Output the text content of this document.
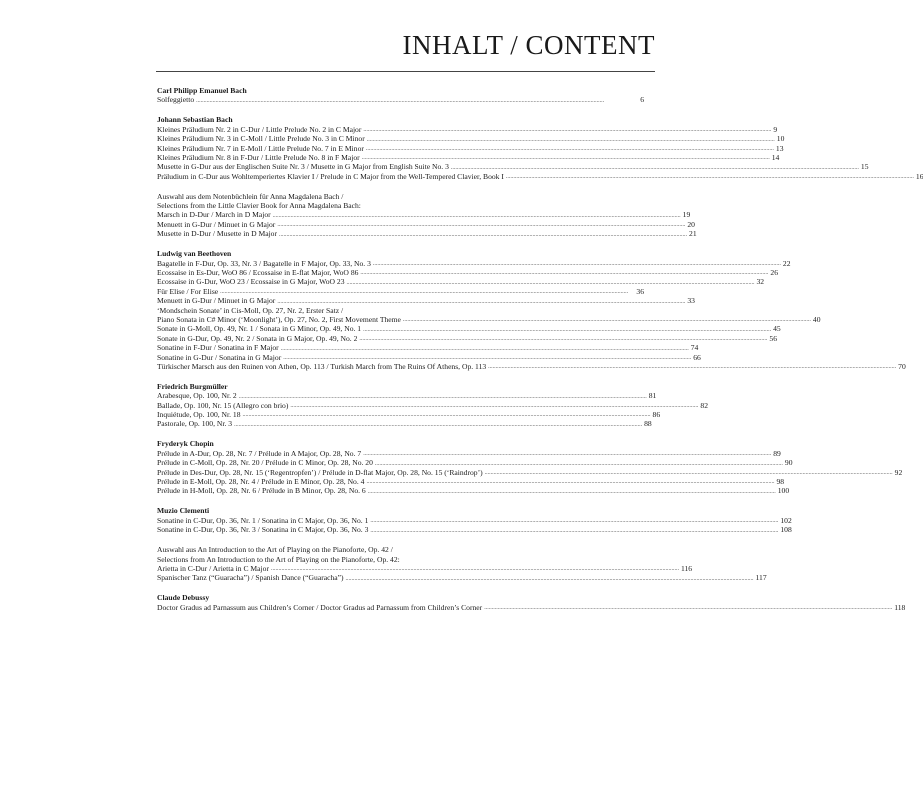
INHALT / CONTENT
Carl Philipp Emanuel Bach
Solfeggietto .....	6
Johann Sebastian Bach
Kleines Präludium Nr. 2 in C-Dur / Little Prelude No. 2 in C Major .....	9
Kleines Präludium Nr. 3 in C-Moll / Little Prelude No. 3 in C Minor .....	10
Kleines Präludium Nr. 7 in E-Moll / Little Prelude No. 7 in E Minor .....	13
Kleines Präludium Nr. 8 in F-Dur / Little Prelude No. 8 in F Major .....	14
Musette in G-Dur aus der Englischen Suite Nr. 3 / Musette in G Major from English Suite No. 3 .....	15
Präludium in C-Dur aus Wohltemperiertes Klavier I / Prelude in C Major from the Well-Tempered Clavier, Book I .....	16
Auswahl aus dem Notenbüchlein für Anna Magdalena Bach /
Selections from the Little Clavier Book for Anna Magdalena Bach:
Marsch in D-Dur / March in D Major .....	19
Menuett in G-Dur / Minuet in G Major .....	20
Musette in D-Dur / Musette in D Major .....	21
Ludwig van Beethoven
Bagatelle in F-Dur, Op. 33, Nr. 3 / Bagatelle in F Major, Op. 33, No. 3 .....	22
Ecossaise in Es-Dur, WoO 86 / Ecossaise in E-flat Major, WoO 86 .....	26
Ecossaise in G-Dur, WoO 23 / Ecossaise in G Major, WoO 23 .....	32
Für Elise / For Elise .....	36
Menuett in G-Dur / Minuet in G Major .....	33
‘Mondschein Sonate’ in Cis-Moll, Op. 27, Nr. 2, Erster Satz /
Piano Sonata in C# Minor (‘Moonlight’), Op. 27, No. 2, First Movement Theme .....	40
Sonate in G-Moll, Op. 49, Nr. 1 / Sonata in G Minor, Op. 49, No. 1 .....	45
Sonate in G-Dur, Op. 49, Nr. 2 / Sonata in G Major, Op. 49, No. 2 .....	56
Sonatine in F-Dur / Sonatina in F Major .....	74
Sonatine in G-Dur / Sonatina in G Major .....	66
Türkischer Marsch aus den Ruinen von Athen, Op. 113 / Turkish March from The Ruins Of Athens, Op. 113 .....	70
Friedrich Burgmüller
Arabesque, Op. 100, Nr. 2 .....	81
Ballade, Op. 100, Nr. 15 (Allegro con brio) .....	82
Inquiétude, Op. 100, Nr. 18 .....	86
Pastorale, Op. 100, Nr. 3 .....	88
Fryderyk Chopin
Prélude in A-Dur, Op. 28, Nr. 7 / Prélude in A Major, Op. 28, No. 7 .....	89
Prélude in C-Moll, Op. 28, Nr. 20 / Prélude in C Minor, Op. 28, No. 20 .....	90
Prélude in Des-Dur, Op. 28, Nr. 15 (‘Regentropfen’) / Prélude in D-flat Major, Op. 28, No. 15 (‘Raindrop’) .....	92
Prélude in E-Moll, Op. 28, Nr. 4 / Prélude in E Minor, Op. 28, No. 4 .....	98
Prélude in H-Moll, Op. 28, Nr. 6 / Prélude in B Minor, Op. 28, No. 6 .....	100
Muzio Clementi
Sonatine in C-Dur, Op. 36, Nr. 1 / Sonatina in C Major, Op. 36, No. 1 .....	102
Sonatine in C-Dur, Op. 36, Nr. 3 / Sonatina in C Major, Op. 36, No. 3 .....	108
Auswahl aus An Introduction to the Art of Playing on the Pianoforte, Op. 42 /
Selections from An Introduction to the Art of Playing on the Pianoforte, Op. 42:
Arietta in C-Dur / Arietta in C Major .....	116
Spanischer Tanz (“Guaracha”) / Spanish Dance (“Guaracha”) .....	117
Claude Debussy
Doctor Gradus ad Parnassum aus Children’s Corner / Doctor Gradus ad Parnassum from Children’s Corner .....	118
